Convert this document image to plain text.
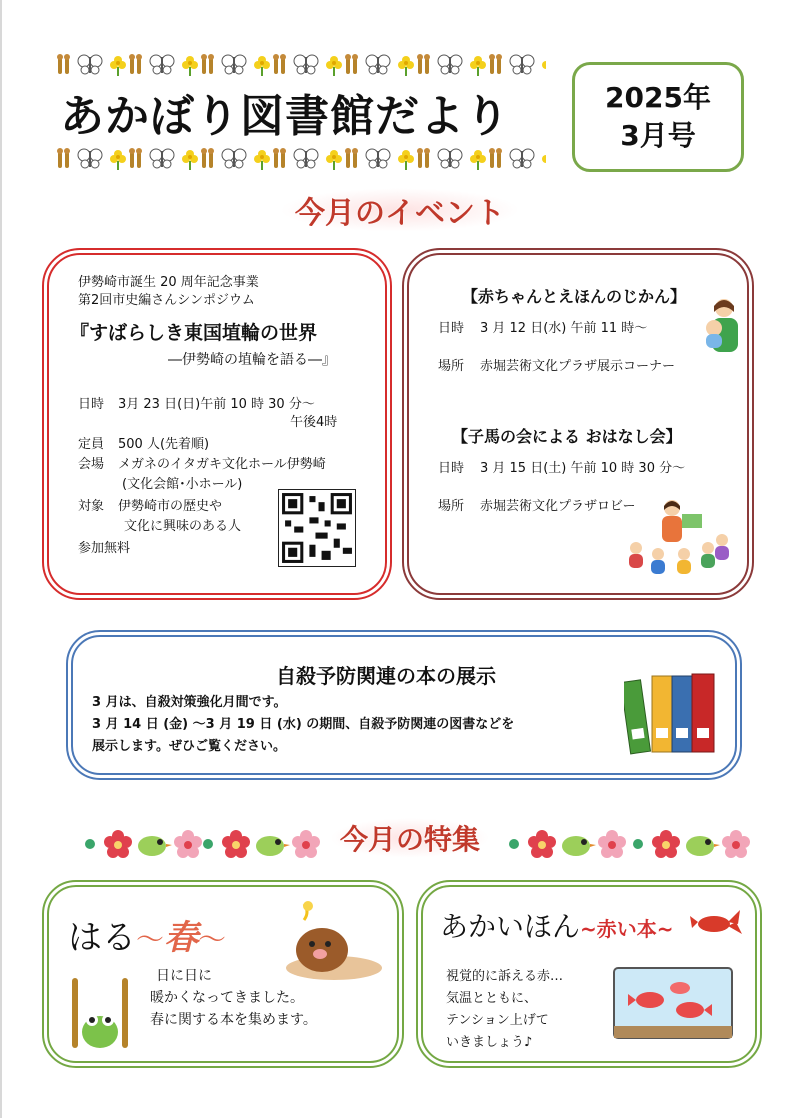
あかぼり図書館だより	2025年
3月号
今月のイベント
伊勢崎市誕生 20 周年記念事業
第2回市史編さんシンポジウム
『すばらしき東国埴輪の世界
―伊勢崎の埴輪を語る―』
日時 3月 23 日(日)午前 10 時 30 分～
午後4時
定員 500 人(先着順)
会場 メガネのイタガキ文化ホール伊勢崎
(文化会館･小ホール)
対象 伊勢崎市の歴史や
文化に興味のある人
参加無料
【赤ちゃんとえほんのじかん】
日時 3 月 12 日(水) 午前 11 時～
場所 赤堀芸術文化プラザ展示コーナー
【子馬の会による おはなし会】
日時 3 月 15 日(土) 午前 10 時 30 分～
場所 赤堀芸術文化プラザロビー
自殺予防関連の本の展示
3 月は、自殺対策強化月間です。
3 月 14 日 (金) ～3 月 19 日 (水) の期間、自殺予防関連の図書などを
展示します。ぜひご覧ください。
今月の特集
はる～春～
日に日に
暖かくなってきました。
春に関する本を集めます。
あかいほん~赤い本~
視覚的に訴える赤…
気温とともに、
テンション上げて
いきましょう♪
